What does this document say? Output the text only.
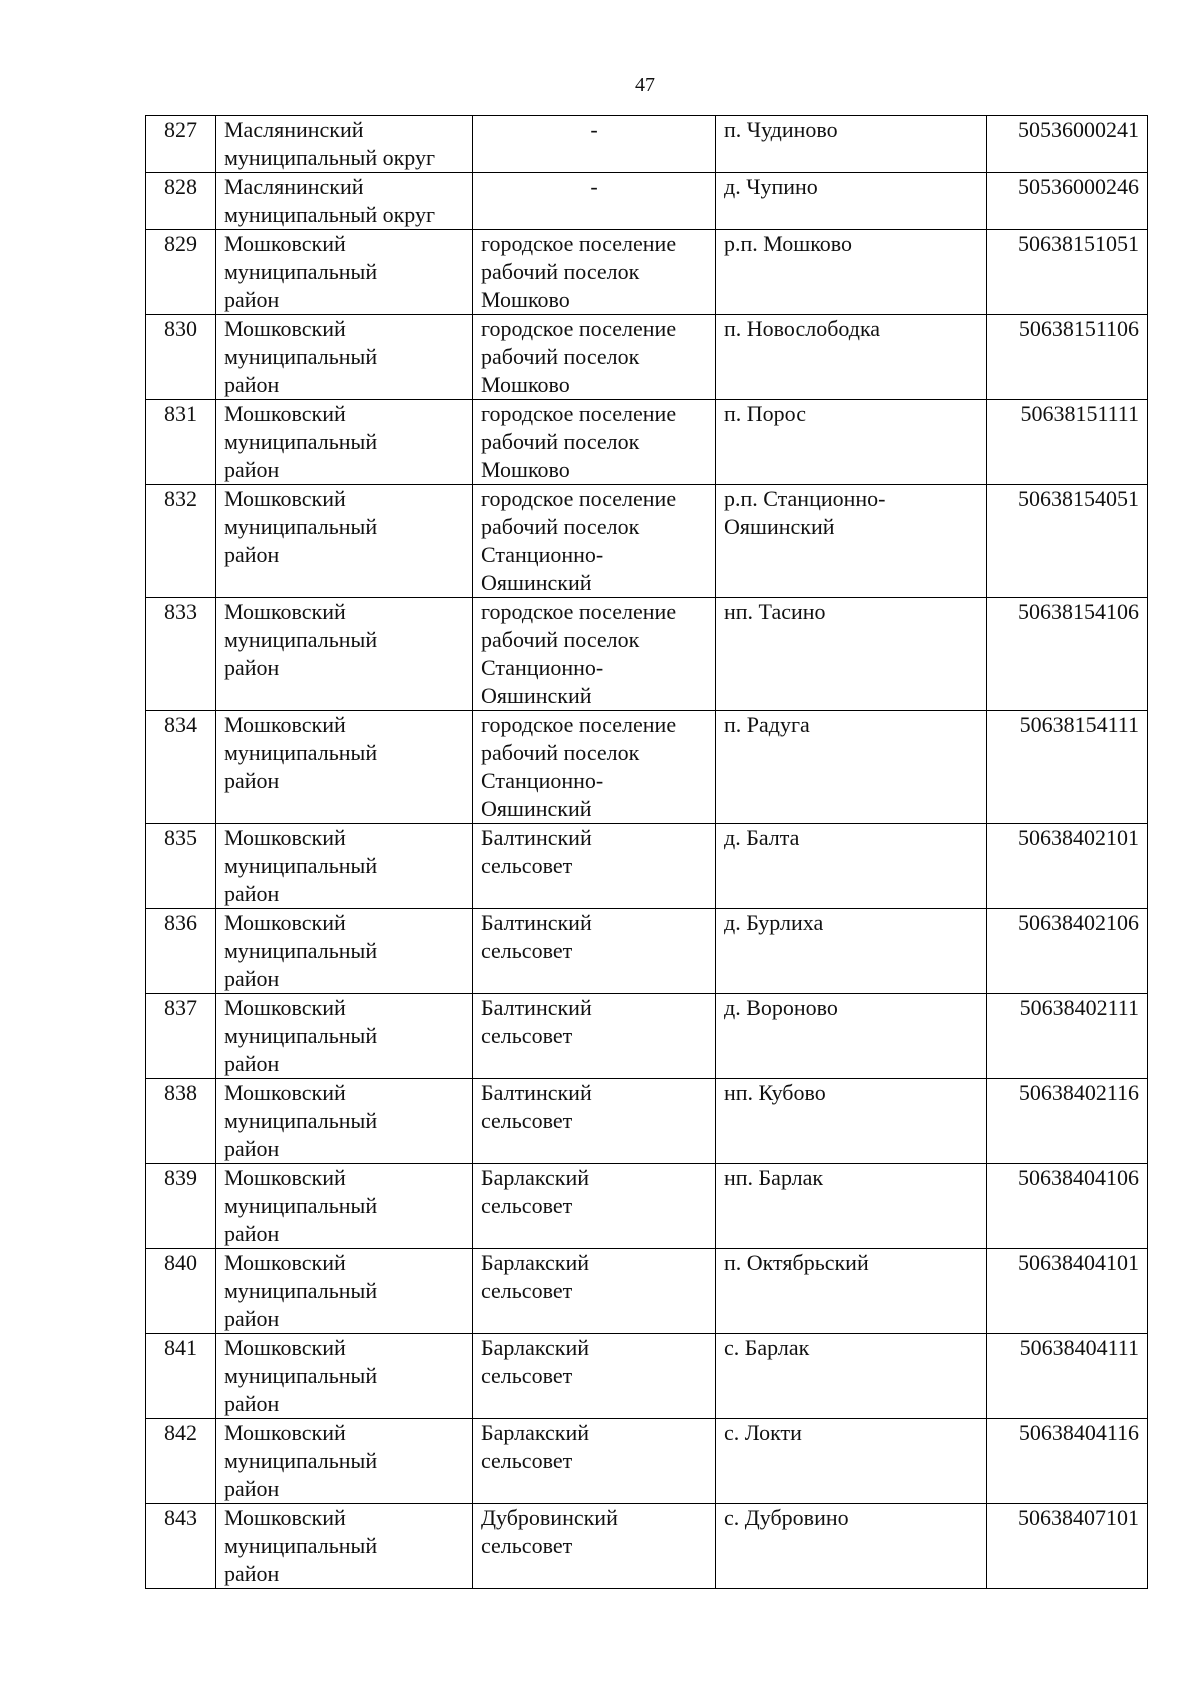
47
827	Маслянинский
муниципальный округ	-	п. Чудиново	50536000241
828	Маслянинский
муниципальный округ	-	д. Чупино	50536000246
829	Мошковский
муниципальный
район	городское поселение
рабочий поселок
Мошково	р.п. Мошково	50638151051
830	Мошковский
муниципальный
район	городское поселение
рабочий поселок
Мошково	п. Новослободка	50638151106
831	Мошковский
муниципальный
район	городское поселение
рабочий поселок
Мошково	п. Порос	50638151111
832	Мошковский
муниципальный
район	городское поселение
рабочий поселок
Станционно-
Ояшинский	р.п. Станционно-
Ояшинский	50638154051
833	Мошковский
муниципальный
район	городское поселение
рабочий поселок
Станционно-
Ояшинский	нп. Тасино	50638154106
834	Мошковский
муниципальный
район	городское поселение
рабочий поселок
Станционно-
Ояшинский	п. Радуга	50638154111
835	Мошковский
муниципальный
район	Балтинский
сельсовет	д. Балта	50638402101
836	Мошковский
муниципальный
район	Балтинский
сельсовет	д. Бурлиха	50638402106
837	Мошковский
муниципальный
район	Балтинский
сельсовет	д. Вороново	50638402111
838	Мошковский
муниципальный
район	Балтинский
сельсовет	нп. Кубово	50638402116
839	Мошковский
муниципальный
район	Барлакский
сельсовет	нп. Барлак	50638404106
840	Мошковский
муниципальный
район	Барлакский
сельсовет	п. Октябрьский	50638404101
841	Мошковский
муниципальный
район	Барлакский
сельсовет	с. Барлак	50638404111
842	Мошковский
муниципальный
район	Барлакский
сельсовет	с. Локти	50638404116
843	Мошковский
муниципальный
район	Дубровинский
сельсовет	с. Дубровино	50638407101
